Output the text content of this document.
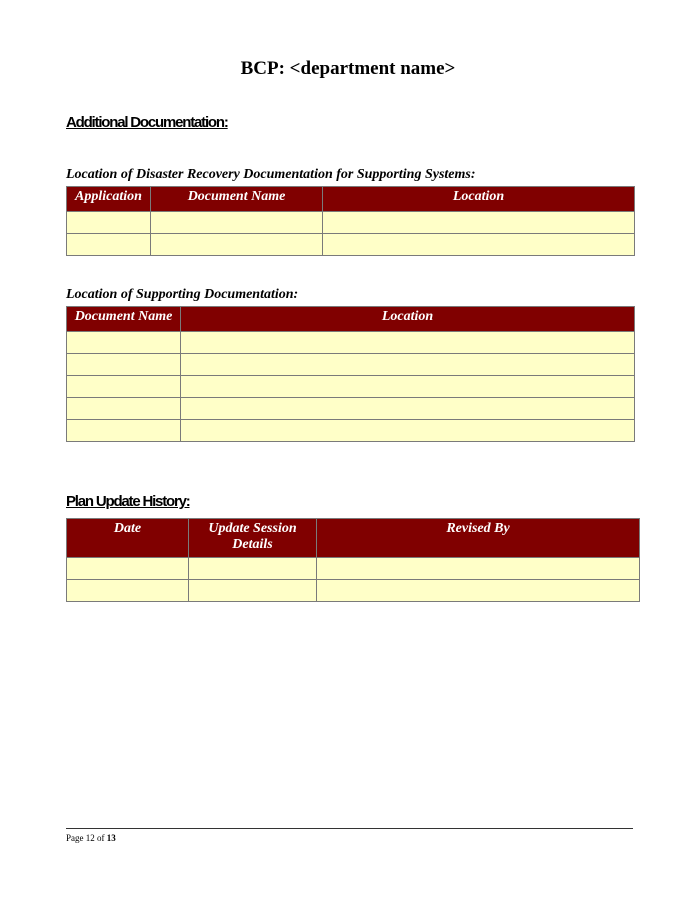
BCP: <department name>
Additional Documentation:
Location of Disaster Recovery Documentation for Supporting Systems:
Application	Document Name	Location

Location of Supporting Documentation:
Document Name	Location

Plan Update History:
Date	Update Session Details	Revised By

Page 12 of 13
